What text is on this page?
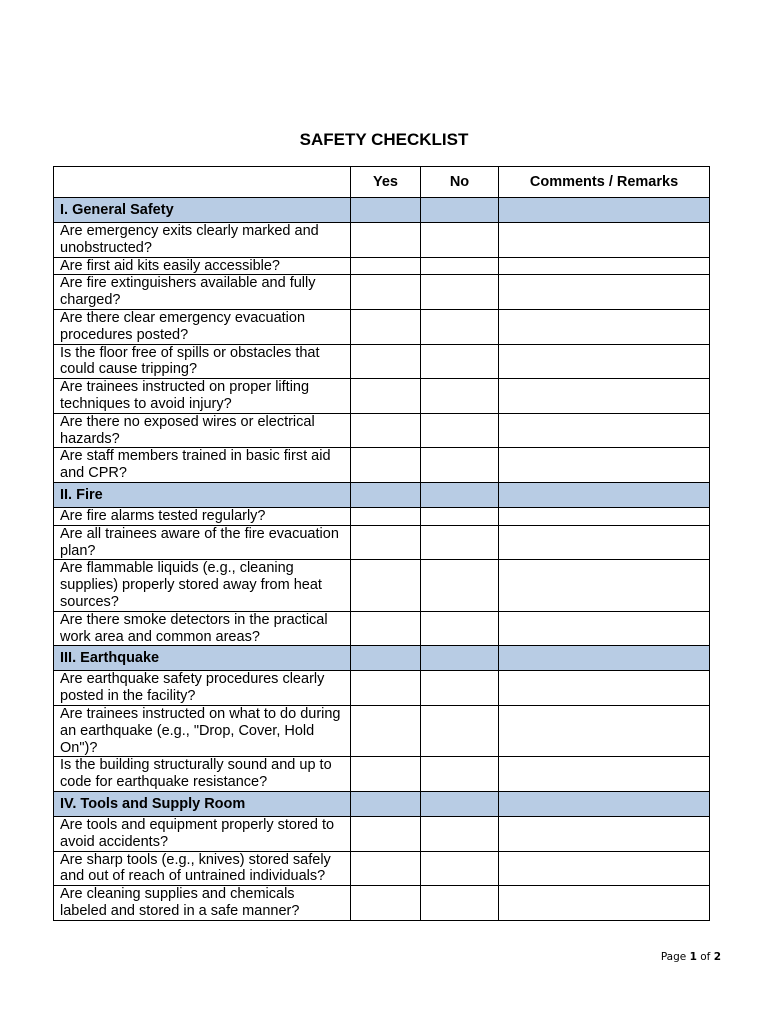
SAFETY CHECKLIST
	Yes	No	Comments / Remarks
I. General Safety			
Are emergency exits clearly marked and unobstructed?			
Are first aid kits easily accessible?			
Are fire extinguishers available and fully charged?			
Are there clear emergency evacuation procedures posted?			
Is the floor free of spills or obstacles that could cause tripping?			
Are trainees instructed on proper lifting techniques to avoid injury?			
Are there no exposed wires or electrical hazards?			
Are staff members trained in basic first aid and CPR?			
II. Fire			
Are fire alarms tested regularly?			
Are all trainees aware of the fire evacuation plan?			
Are flammable liquids (e.g., cleaning supplies) properly stored away from heat sources?			
Are there smoke detectors in the practical work area and common areas?			
III. Earthquake			
Are earthquake safety procedures clearly posted in the facility?			
Are trainees instructed on what to do during an earthquake (e.g., "Drop, Cover, Hold On")?			
Is the building structurally sound and up to code for earthquake resistance?			
IV. Tools and Supply Room			
Are tools and equipment properly stored to avoid accidents?			
Are sharp tools (e.g., knives) stored safely and out of reach of untrained individuals?			
Are cleaning supplies and chemicals labeled and stored in a safe manner?			
Page 1 of 2
